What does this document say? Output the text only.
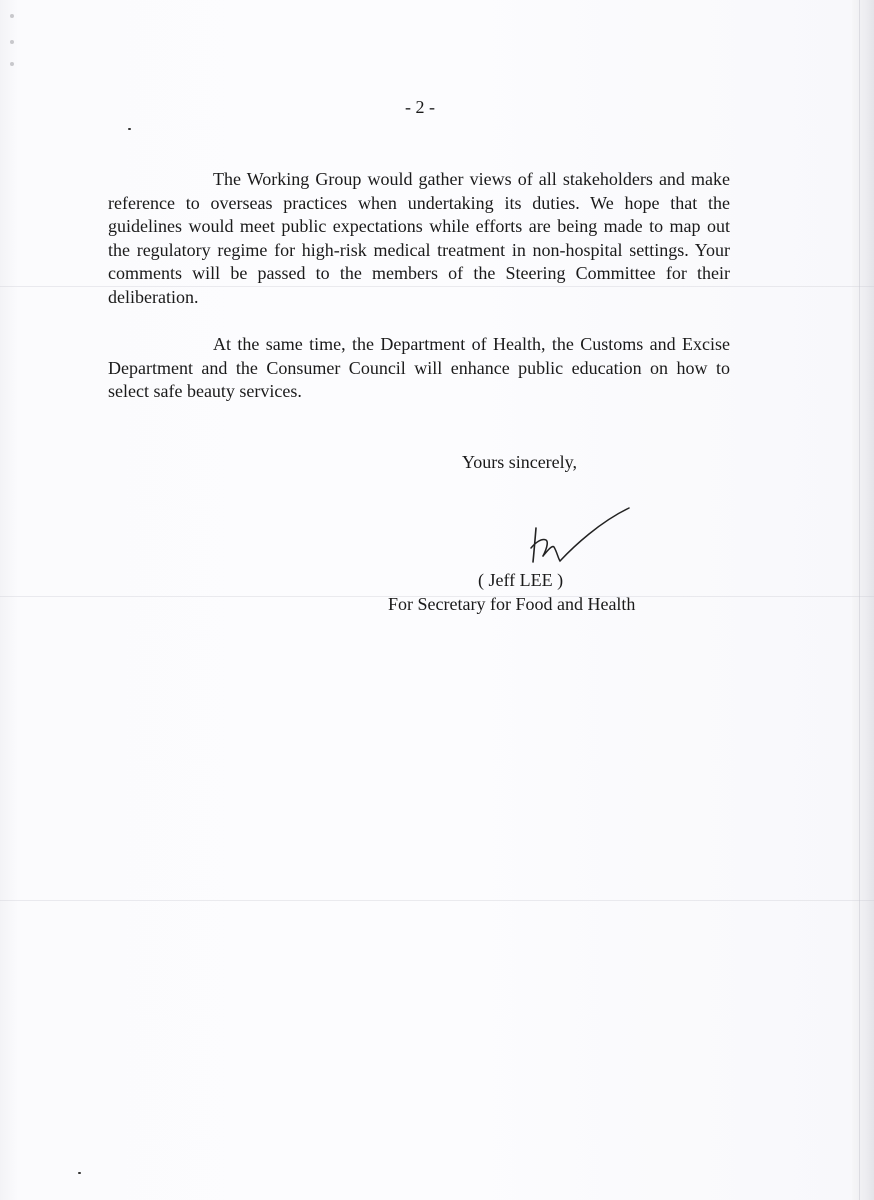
- 2 -

The Working Group would gather views of all stakeholders and make reference to overseas practices when undertaking its duties. We hope that the guidelines would meet public expectations while efforts are being made to map out the regulatory regime for high-risk medical treatment in non-hospital settings. Your comments will be passed to the members of the Steering Committee for their deliberation.

At the same time, the Department of Health, the Customs and Excise Department and the Consumer Council will enhance public education on how to select safe beauty services.

Yours sincerely,
( Jeff LEE )
For Secretary for Food and Health
